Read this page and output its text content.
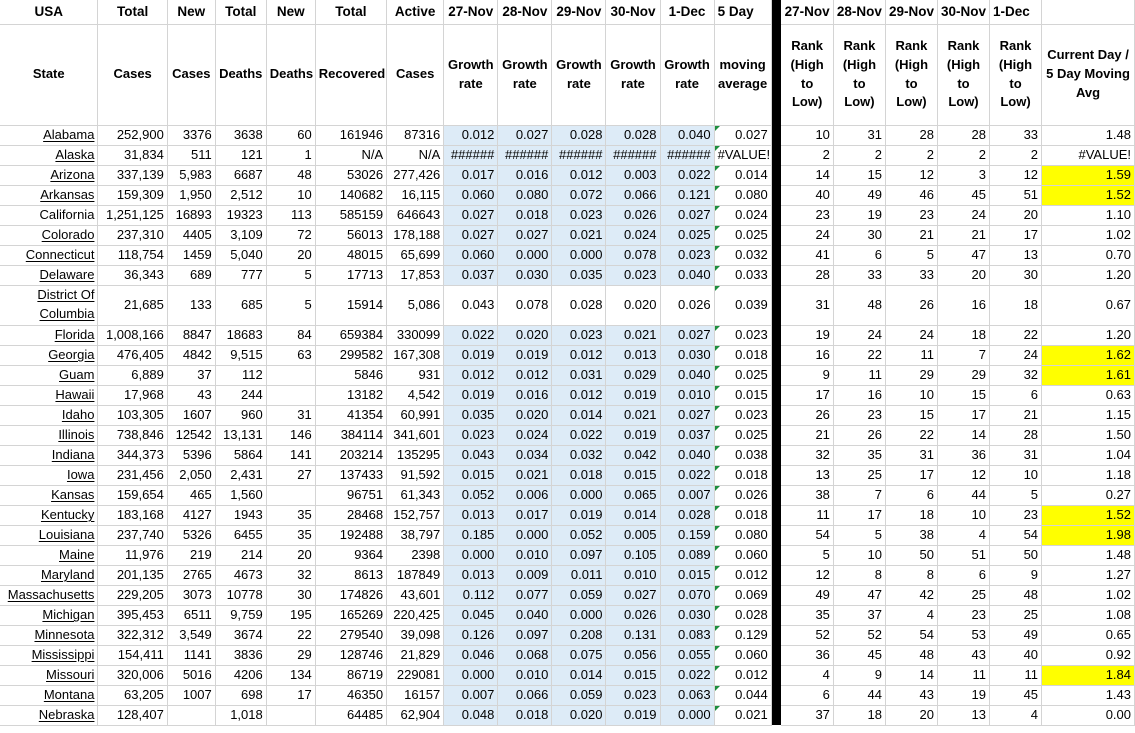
USA	Total	New	Total	New	Total	Active	27-Nov	28-Nov	29-Nov	30-Nov	1-Dec	5 Day		27-Nov	28-Nov	29-Nov	30-Nov	1-Dec	
State	Cases	Cases	Deaths	Deaths	Recovered	Cases	Growth rate	Growth rate	Growth rate	Growth rate	Growth rate	moving average		Rank (High to Low)	Rank (High to Low)	Rank (High to Low)	Rank (High to Low)	Rank (High to Low)	Current Day / 5 Day Moving Avg
Alabama	252,900	3376	3638	60	161946	87316	0.012	0.027	0.028	0.028	0.040	0.027		10	31	28	28	33	1.48
Alaska	31,834	511	121	1	N/A	N/A	######	######	######	######	######	#VALUE!		2	2	2	2	2	#VALUE!
Arizona	337,139	5,983	6687	48	53026	277,426	0.017	0.016	0.012	0.003	0.022	0.014		14	15	12	3	12	1.59
Arkansas	159,309	1,950	2,512	10	140682	16,115	0.060	0.080	0.072	0.066	0.121	0.080		40	49	46	45	51	1.52
California	1,251,125	16893	19323	113	585159	646643	0.027	0.018	0.023	0.026	0.027	0.024		23	19	23	24	20	1.10
Colorado	237,310	4405	3,109	72	56013	178,188	0.027	0.027	0.021	0.024	0.025	0.025		24	30	21	21	17	1.02
Connecticut	118,754	1459	5,040	20	48015	65,699	0.060	0.000	0.000	0.078	0.023	0.032		41	6	5	47	13	0.70
Delaware	36,343	689	777	5	17713	17,853	0.037	0.030	0.035	0.023	0.040	0.033		28	33	33	20	30	1.20
District Of Columbia	21,685	133	685	5	15914	5,086	0.043	0.078	0.028	0.020	0.026	0.039		31	48	26	16	18	0.67
Florida	1,008,166	8847	18683	84	659384	330099	0.022	0.020	0.023	0.021	0.027	0.023		19	24	24	18	22	1.20
Georgia	476,405	4842	9,515	63	299582	167,308	0.019	0.019	0.012	0.013	0.030	0.018		16	22	11	7	24	1.62
Guam	6,889	37	112		5846	931	0.012	0.012	0.031	0.029	0.040	0.025		9	11	29	29	32	1.61
Hawaii	17,968	43	244		13182	4,542	0.019	0.016	0.012	0.019	0.010	0.015		17	16	10	15	6	0.63
Idaho	103,305	1607	960	31	41354	60,991	0.035	0.020	0.014	0.021	0.027	0.023		26	23	15	17	21	1.15
Illinois	738,846	12542	13,131	146	384114	341,601	0.023	0.024	0.022	0.019	0.037	0.025		21	26	22	14	28	1.50
Indiana	344,373	5396	5864	141	203214	135295	0.043	0.034	0.032	0.042	0.040	0.038		32	35	31	36	31	1.04
Iowa	231,456	2,050	2,431	27	137433	91,592	0.015	0.021	0.018	0.015	0.022	0.018		13	25	17	12	10	1.18
Kansas	159,654	465	1,560		96751	61,343	0.052	0.006	0.000	0.065	0.007	0.026		38	7	6	44	5	0.27
Kentucky	183,168	4127	1943	35	28468	152,757	0.013	0.017	0.019	0.014	0.028	0.018		11	17	18	10	23	1.52
Louisiana	237,740	5326	6455	35	192488	38,797	0.185	0.000	0.052	0.005	0.159	0.080		54	5	38	4	54	1.98
Maine	11,976	219	214	20	9364	2398	0.000	0.010	0.097	0.105	0.089	0.060		5	10	50	51	50	1.48
Maryland	201,135	2765	4673	32	8613	187849	0.013	0.009	0.011	0.010	0.015	0.012		12	8	8	6	9	1.27
Massachusetts	229,205	3073	10778	30	174826	43,601	0.112	0.077	0.059	0.027	0.070	0.069		49	47	42	25	48	1.02
Michigan	395,453	6511	9,759	195	165269	220,425	0.045	0.040	0.000	0.026	0.030	0.028		35	37	4	23	25	1.08
Minnesota	322,312	3,549	3674	22	279540	39,098	0.126	0.097	0.208	0.131	0.083	0.129		52	52	54	53	49	0.65
Mississippi	154,411	1141	3836	29	128746	21,829	0.046	0.068	0.075	0.056	0.055	0.060		36	45	48	43	40	0.92
Missouri	320,006	5016	4206	134	86719	229081	0.000	0.010	0.014	0.015	0.022	0.012		4	9	14	11	11	1.84
Montana	63,205	1007	698	17	46350	16157	0.007	0.066	0.059	0.023	0.063	0.044		6	44	43	19	45	1.43
Nebraska	128,407		1,018		64485	62,904	0.048	0.018	0.020	0.019	0.000	0.021		37	18	20	13	4	0.00
